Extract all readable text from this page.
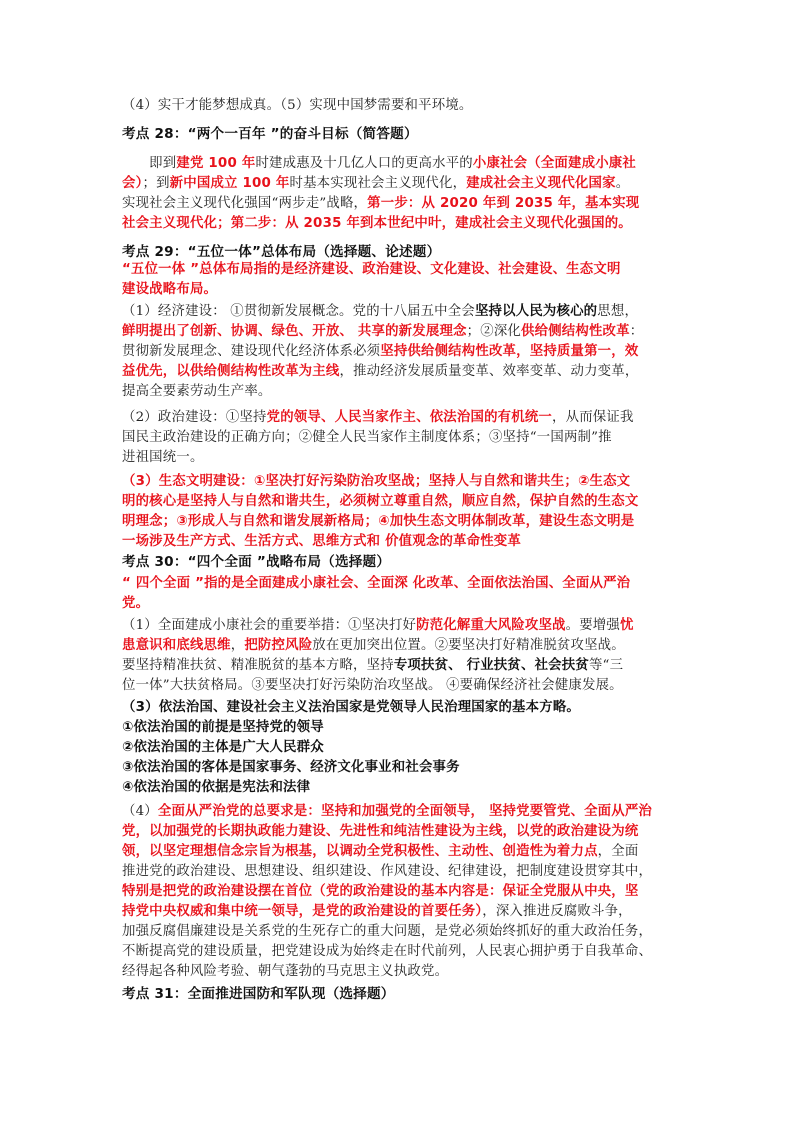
（4）实干才能梦想成真。（5）实现中国梦需要和平环境。
考点 28：“两个一百年 ”的奋斗目标（简答题）
　　即到建党 100 年时建成惠及十几亿人口的更高水平的小康社会（全面建成小康社
会）；到新中国成立 100 年时基本实现社会主义现代化，建成社会主义现代化国家。
实现社会主义现代化强国“两步走”战略，第一步：从 2020 年到 2035 年，基本实现
社会主义现代化；第二步：从 2035 年到本世纪中叶，建成社会主义现代化强国的。
考点 29：“五位一体”总体布局（选择题、论述题）
“五位一体 ”总体布局指的是经济建设、政治建设、文化建设、社会建设、生态文明
建设战略布局。
（1）经济建设： ①贯彻新发展概念。党的十八届五中全会坚持以人民为核心的思想，
鲜明提出了创新、协调、绿色、开放、 共享的新发展理念；②深化供给侧结构性改革：
贯彻新发展理念、建设现代化经济体系必须坚持供给侧结构性改革，坚持质量第一，效
益优先，以供给侧结构性改革为主线，推动经济发展质量变革、效率变革、动力变革，
提高全要素劳动生产率。
（2）政治建设：①坚持党的领导、人民当家作主、依法治国的有机统一，从而保证我
国民主政治建设的正确方向；②健全人民当家作主制度体系；③坚持“一国两制”推
进祖国统一。
（3）生态文明建设：①坚决打好污染防治攻坚战；坚持人与自然和谐共生；②生态文
明的核心是坚持人与自然和谐共生，必须树立尊重自然，顺应自然，保护自然的生态文
明理念；③形成人与自然和谐发展新格局；④加快生态文明体制改革，建设生态文明是
一场涉及生产方式、生活方式、思维方式和 价值观念的革命性变革
考点 30：“四个全面 ”战略布局（选择题）
“ 四个全面 ”指的是全面建成小康社会、全面深 化改革、全面依法治国、全面从严治
党。
（1）全面建成小康社会的重要举措：①坚决打好防范化解重大风险攻坚战。要增强忧
患意识和底线思维，把防控风险放在更加突出位置。②要坚决打好精准脱贫攻坚战。
要坚持精准扶贫、精准脱贫的基本方略，坚持专项扶贫、 行业扶贫、社会扶贫等“三
位一体”大扶贫格局。③要坚决打好污染防治攻坚战。 ④要确保经济社会健康发展。
（3）依法治国、建设社会主义法治国家是党领导人民治理国家的基本方略。
①依法治国的前提是坚持党的领导
②依法治国的主体是广大人民群众
③依法治国的客体是国家事务、经济文化事业和社会事务
④依法治国的依据是宪法和法律
（4）全面从严治党的总要求是：坚持和加强党的全面领导， 坚持党要管党、全面从严治
党，以加强党的长期执政能力建设、先进性和纯洁性建设为主线，以党的政治建设为统
领，以坚定理想信念宗旨为根基，以调动全党积极性、主动性、创造性为着力点，全面
推进党的政治建设、思想建设、组织建设、作风建设、纪律建设，把制度建设贯穿其中，
特别是把党的政治建设摆在首位（党的政治建设的基本内容是：保证全党服从中央，坚
持党中央权威和集中统一领导，是党的政治建设的首要任务），深入推进反腐败斗争，
加强反腐倡廉建设是关系党的生死存亡的重大问题，是党必须始终抓好的重大政治任务，
不断提高党的建设质量，把党建设成为始终走在时代前列，人民衷心拥护勇于自我革命、
经得起各种风险考验、朝气蓬勃的马克思主义执政党。
考点 31：全面推进国防和军队现（选择题）
